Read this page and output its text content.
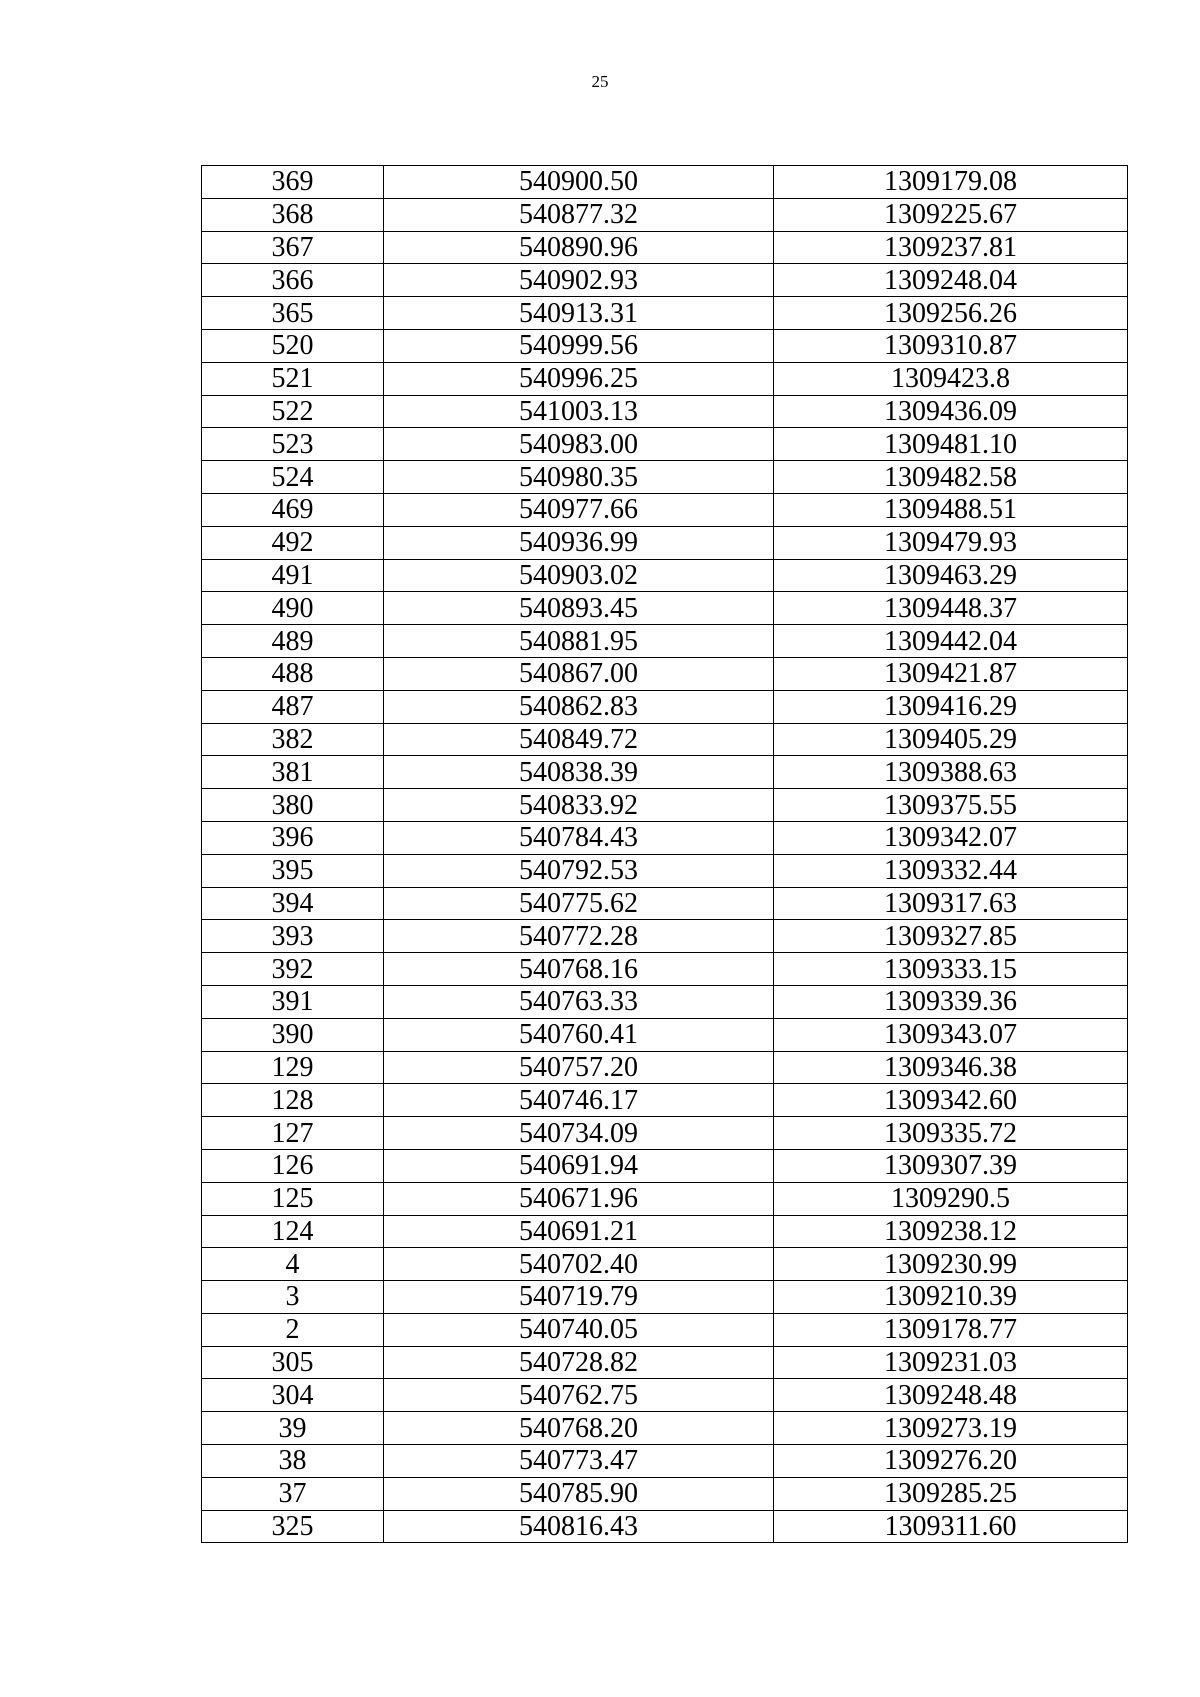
25
369	540900.50	1309179.08
368	540877.32	1309225.67
367	540890.96	1309237.81
366	540902.93	1309248.04
365	540913.31	1309256.26
520	540999.56	1309310.87
521	540996.25	1309423.8
522	541003.13	1309436.09
523	540983.00	1309481.10
524	540980.35	1309482.58
469	540977.66	1309488.51
492	540936.99	1309479.93
491	540903.02	1309463.29
490	540893.45	1309448.37
489	540881.95	1309442.04
488	540867.00	1309421.87
487	540862.83	1309416.29
382	540849.72	1309405.29
381	540838.39	1309388.63
380	540833.92	1309375.55
396	540784.43	1309342.07
395	540792.53	1309332.44
394	540775.62	1309317.63
393	540772.28	1309327.85
392	540768.16	1309333.15
391	540763.33	1309339.36
390	540760.41	1309343.07
129	540757.20	1309346.38
128	540746.17	1309342.60
127	540734.09	1309335.72
126	540691.94	1309307.39
125	540671.96	1309290.5
124	540691.21	1309238.12
4	540702.40	1309230.99
3	540719.79	1309210.39
2	540740.05	1309178.77
305	540728.82	1309231.03
304	540762.75	1309248.48
39	540768.20	1309273.19
38	540773.47	1309276.20
37	540785.90	1309285.25
325	540816.43	1309311.60
